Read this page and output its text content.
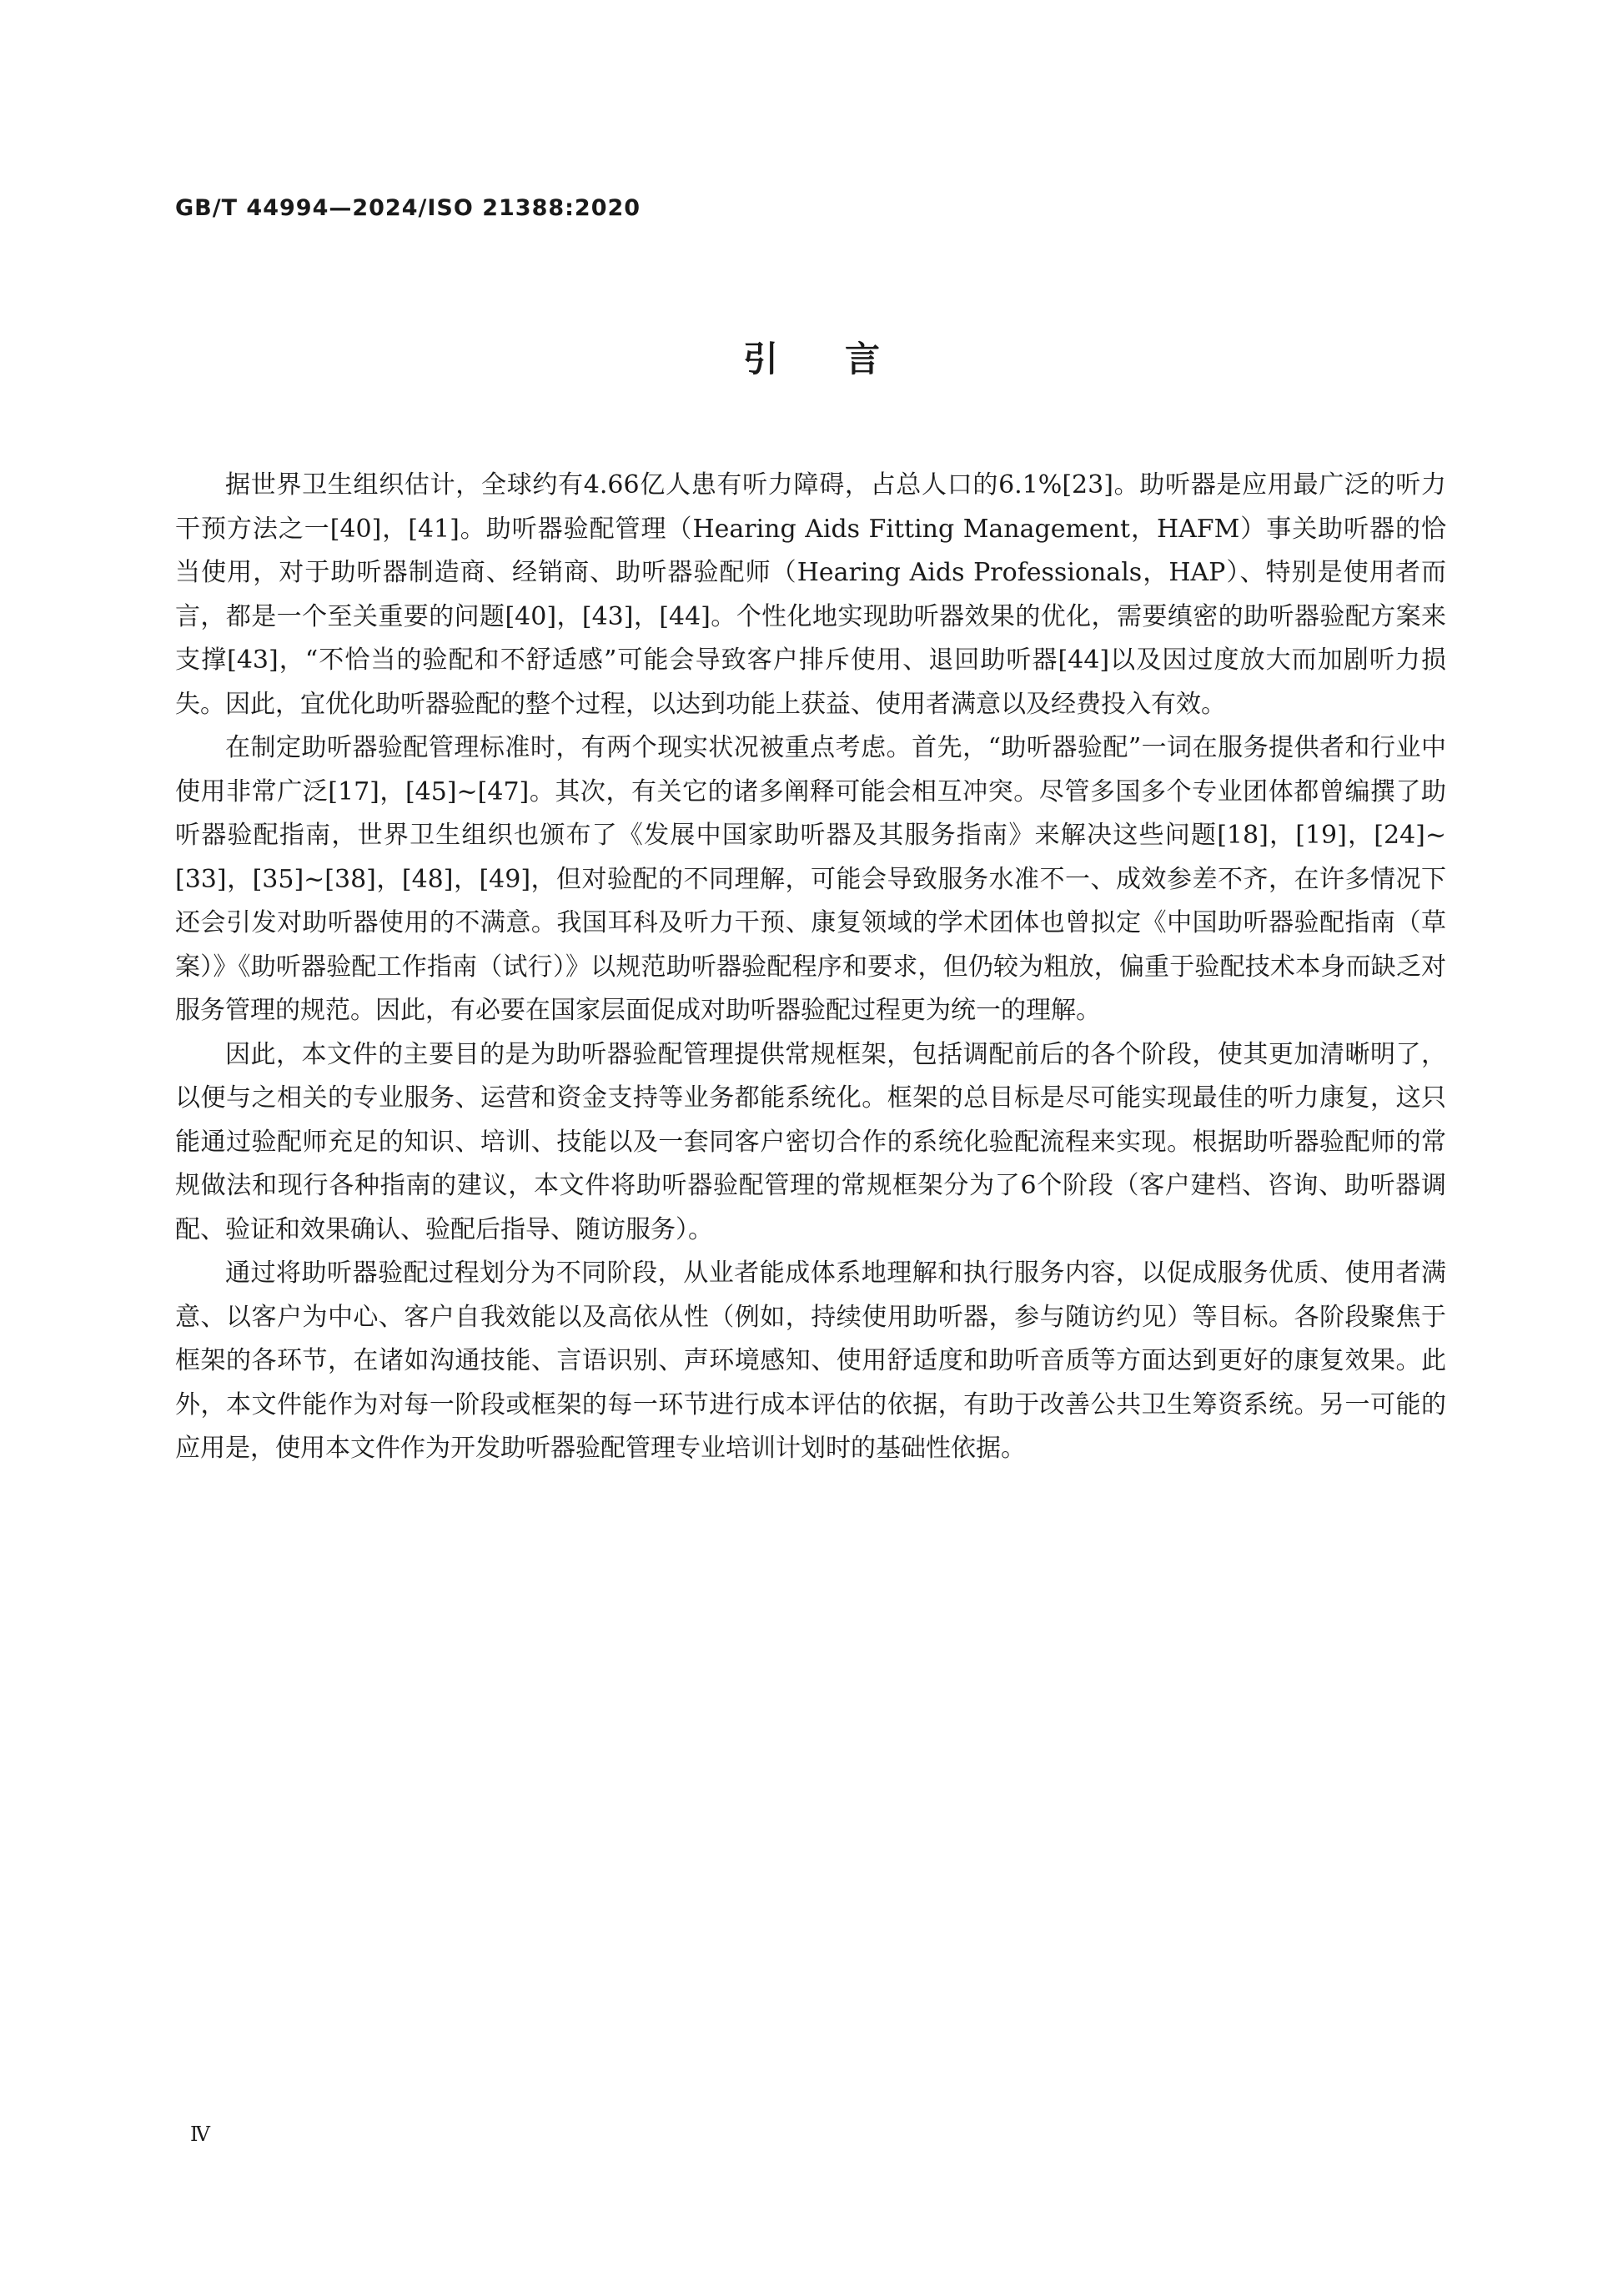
GB/T 44994—2024/ISO 21388:2020
引言

据世界卫生组织估计，全球约有4.66亿人患有听力障碍，占总人口的6.1%[23]。助听器是应用最广泛的听力干预方法之一[40]，[41]。助听器验配管理（Hearing Aids Fitting Management，HAFM）事关助听器的恰当使用，对于助听器制造商、经销商、助听器验配师（Hearing Aids Professionals，HAP）、特别是使用者而言，都是一个至关重要的问题[40]，[43]，[44]。个性化地实现助听器效果的优化，需要缜密的助听器验配方案来支撑[43]，“不恰当的验配和不舒适感”可能会导致客户排斥使用、退回助听器[44]以及因过度放大而加剧听力损失。因此，宜优化助听器验配的整个过程，以达到功能上获益、使用者满意以及经费投入有效。

在制定助听器验配管理标准时，有两个现实状况被重点考虑。首先，“助听器验配”一词在服务提供者和行业中使用非常广泛[17]，[45]~[47]。其次，有关它的诸多阐释可能会相互冲突。尽管多国多个专业团体都曾编撰了助听器验配指南，世界卫生组织也颁布了《发展中国家助听器及其服务指南》来解决这些问题[18]，[19]，[24]~[33]，[35]~[38]，[48]，[49]，但对验配的不同理解，可能会导致服务水准不一、成效参差不齐，在许多情况下还会引发对助听器使用的不满意。我国耳科及听力干预、康复领域的学术团体也曾拟定《中国助听器验配指南（草案）》《助听器验配工作指南（试行）》以规范助听器验配程序和要求，但仍较为粗放，偏重于验配技术本身而缺乏对服务管理的规范。因此，有必要在国家层面促成对助听器验配过程更为统一的理解。

因此，本文件的主要目的是为助听器验配管理提供常规框架，包括调配前后的各个阶段，使其更加清晰明了，以便与之相关的专业服务、运营和资金支持等业务都能系统化。框架的总目标是尽可能实现最佳的听力康复，这只能通过验配师充足的知识、培训、技能以及一套同客户密切合作的系统化验配流程来实现。根据助听器验配师的常规做法和现行各种指南的建议，本文件将助听器验配管理的常规框架分为了6个阶段（客户建档、咨询、助听器调配、验证和效果确认、验配后指导、随访服务）。

通过将助听器验配过程划分为不同阶段，从业者能成体系地理解和执行服务内容，以促成服务优质、使用者满意、以客户为中心、客户自我效能以及高依从性（例如，持续使用助听器，参与随访约见）等目标。各阶段聚焦于框架的各环节，在诸如沟通技能、言语识别、声环境感知、使用舒适度和助听音质等方面达到更好的康复效果。此外，本文件能作为对每一阶段或框架的每一环节进行成本评估的依据，有助于改善公共卫生筹资系统。另一可能的应用是，使用本文件作为开发助听器验配管理专业培训计划时的基础性依据。

Ⅳ
